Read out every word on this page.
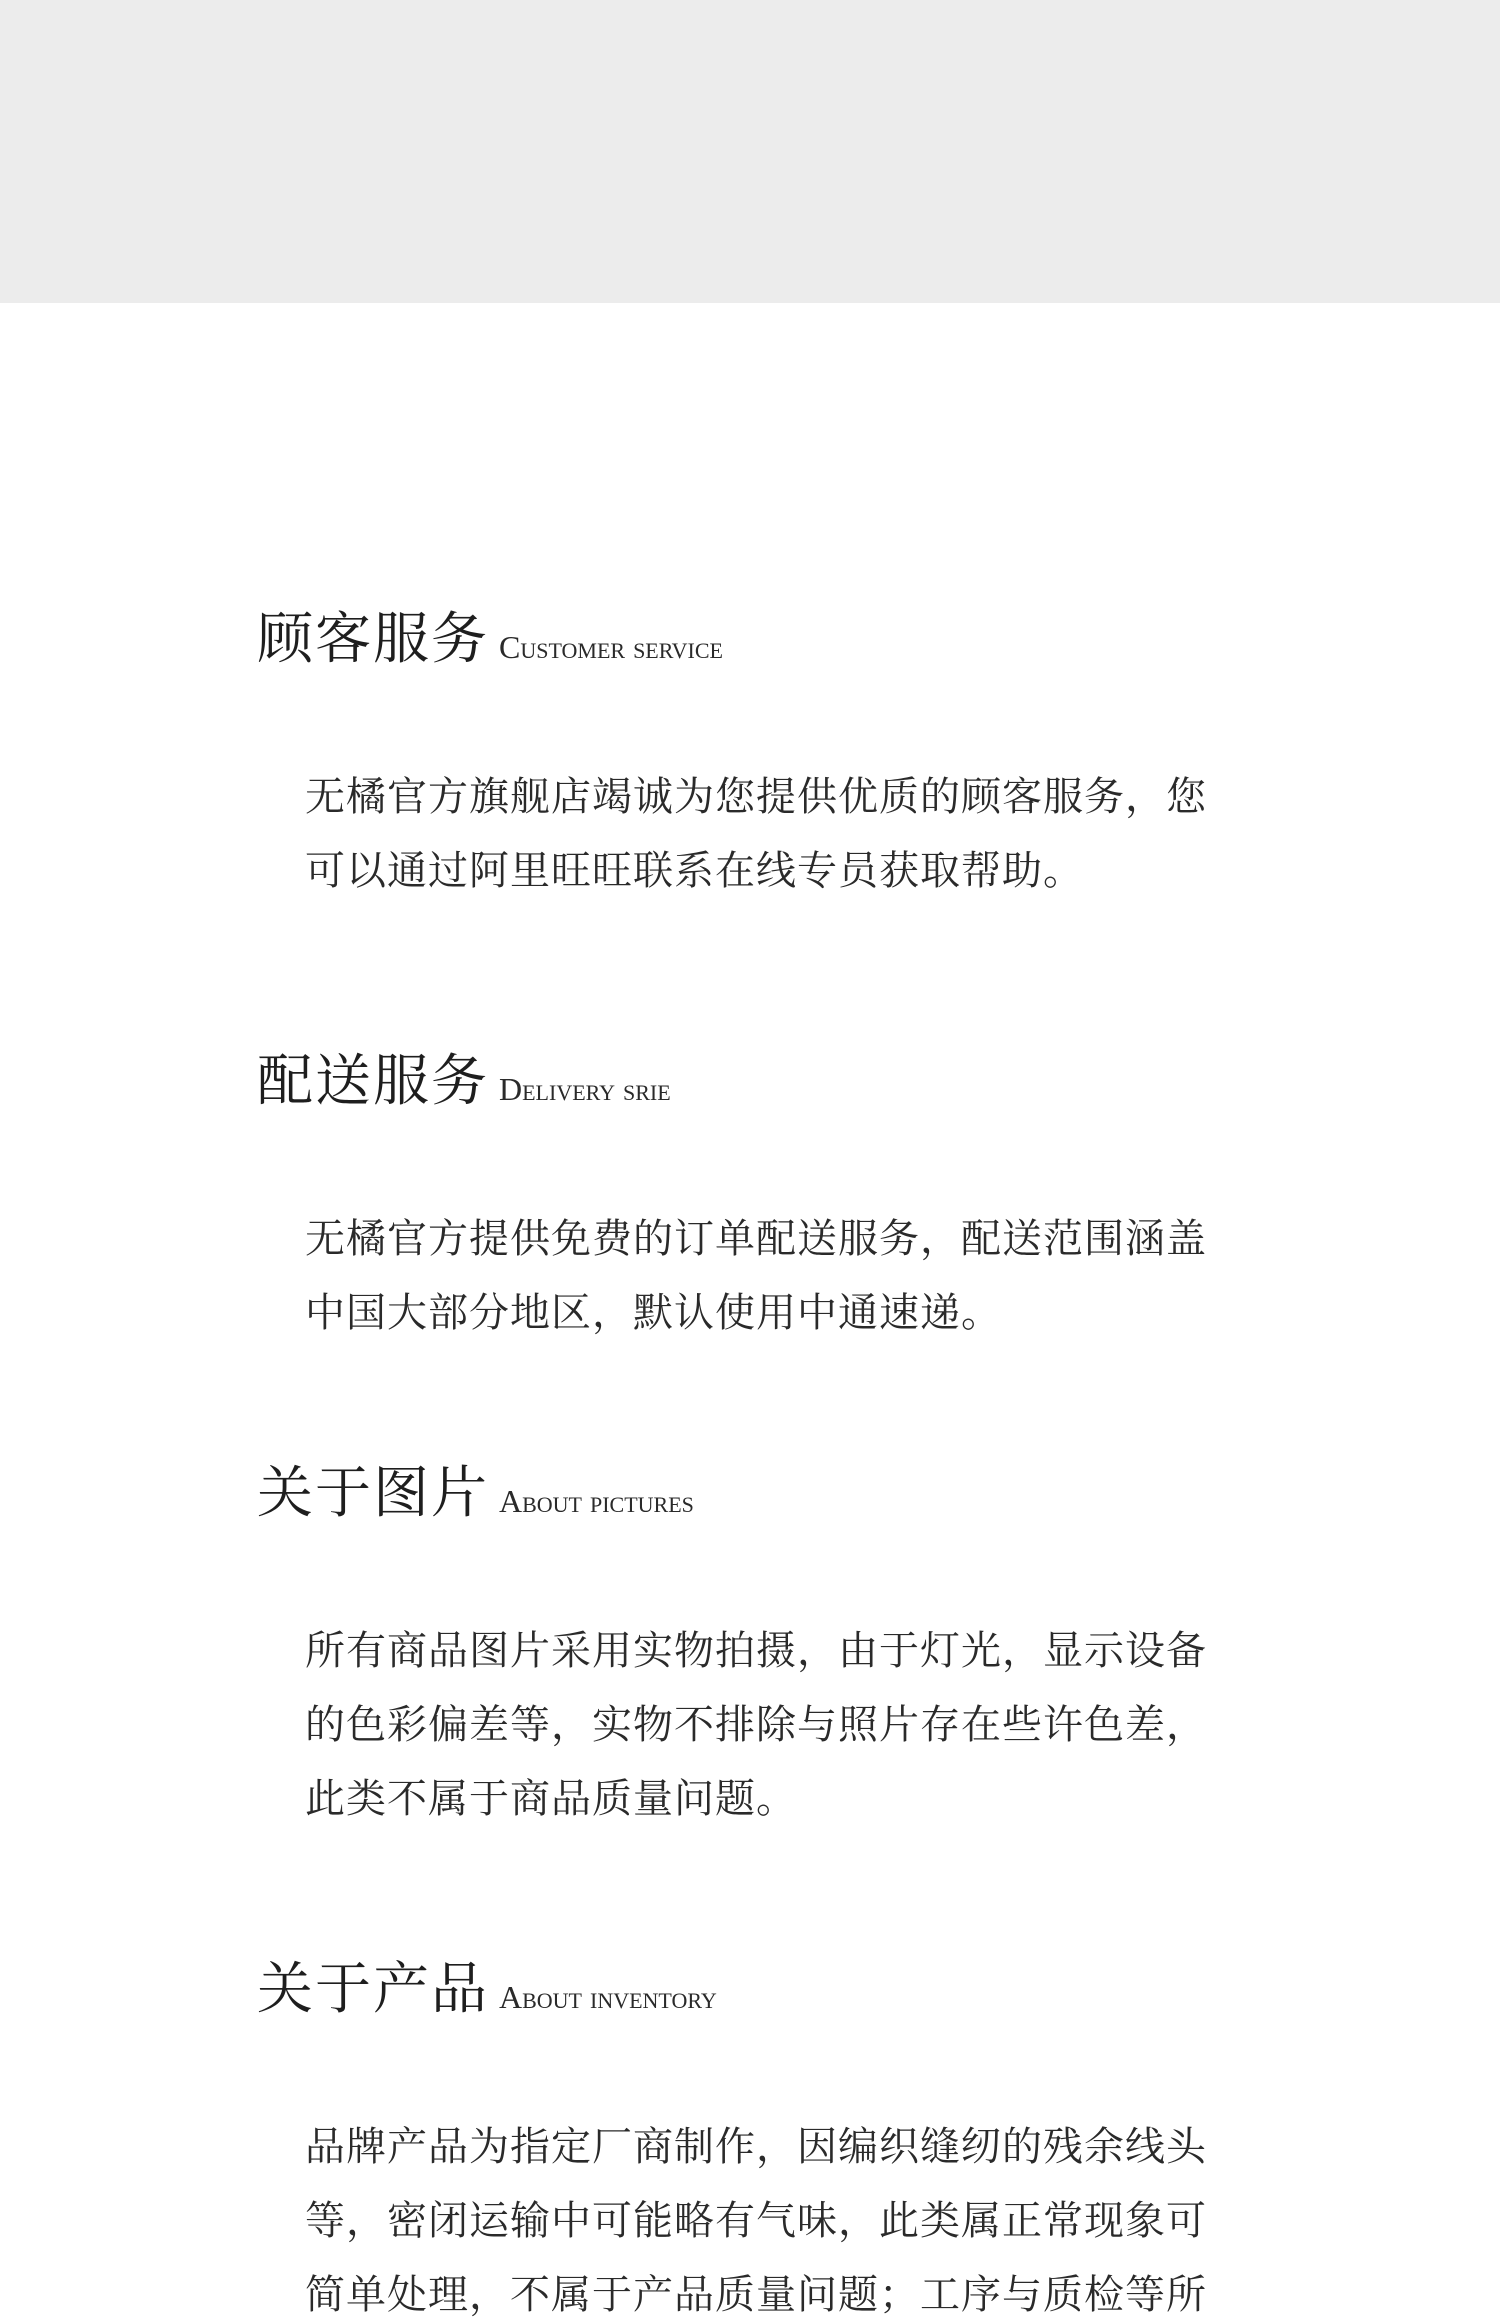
顾客服务 Customer service
无橘官方旗舰店竭诚为您提供优质的顾客服务，您
可以通过阿里旺旺联系在线专员获取帮助。
配送服务 Delivery srie
无橘官方提供免费的订单配送服务，配送范围涵盖
中国大部分地区，默认使用中通速递。
关于图片 About pictures
所有商品图片采用实物拍摄，由于灯光，显示设备
的色彩偏差等，实物不排除与照片存在些许色差，
此类不属于商品质量问题。
关于产品 About inventory
品牌产品为指定厂商制作，因编织缝纫的残余线头
等，密闭运输中可能略有气味，此类属正常现象可
简单处理，不属于产品质量问题；工序与质检等所
